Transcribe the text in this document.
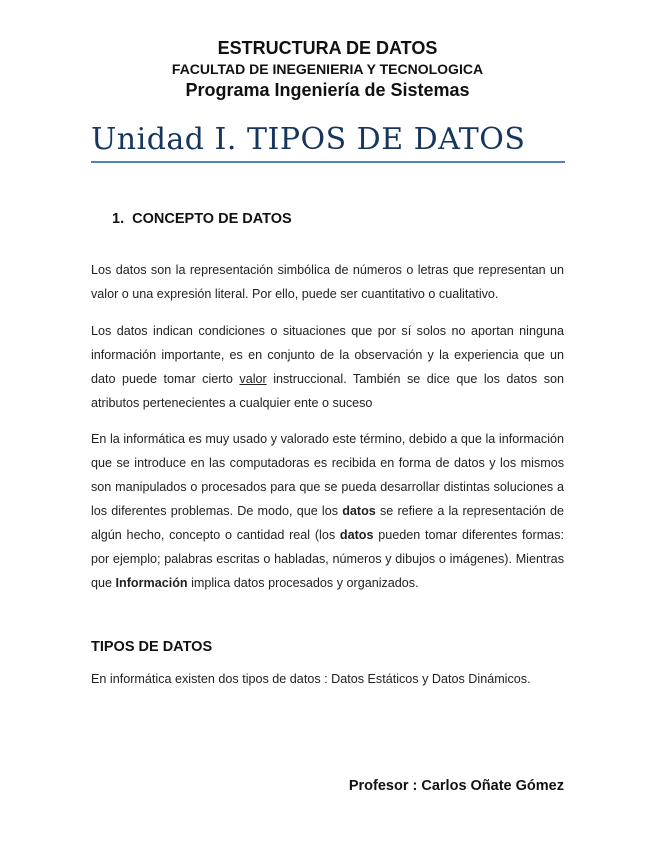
ESTRUCTURA DE DATOS
FACULTAD DE INEGENIERIA Y TECNOLOGICA
Programa Ingeniería de Sistemas
Unidad I. TIPOS DE DATOS
1. CONCEPTO DE DATOS
Los datos son la representación simbólica de números o letras que representan un valor o una expresión literal. Por ello, puede ser cuantitativo o cualitativo.
Los datos indican condiciones o situaciones que por sí solos no aportan ninguna información importante, es en conjunto de la observación y la experiencia que un dato puede tomar cierto valor instruccional. También se dice que los datos son atributos pertenecientes a cualquier ente o suceso
En la informática es muy usado y valorado este término, debido a que la información que se introduce en las computadoras es recibida en forma de datos y los mismos son manipulados o procesados para que se pueda desarrollar distintas soluciones a los diferentes problemas. De modo, que los datos se refiere a la representación de algún hecho, concepto o cantidad real (los datos pueden tomar diferentes formas: por ejemplo; palabras escritas o habladas, números y dibujos o imágenes). Mientras que Información implica datos procesados y organizados.
TIPOS DE DATOS
En informática existen dos tipos de datos : Datos Estáticos y Datos Dinámicos.
Profesor : Carlos Oñate Gómez
